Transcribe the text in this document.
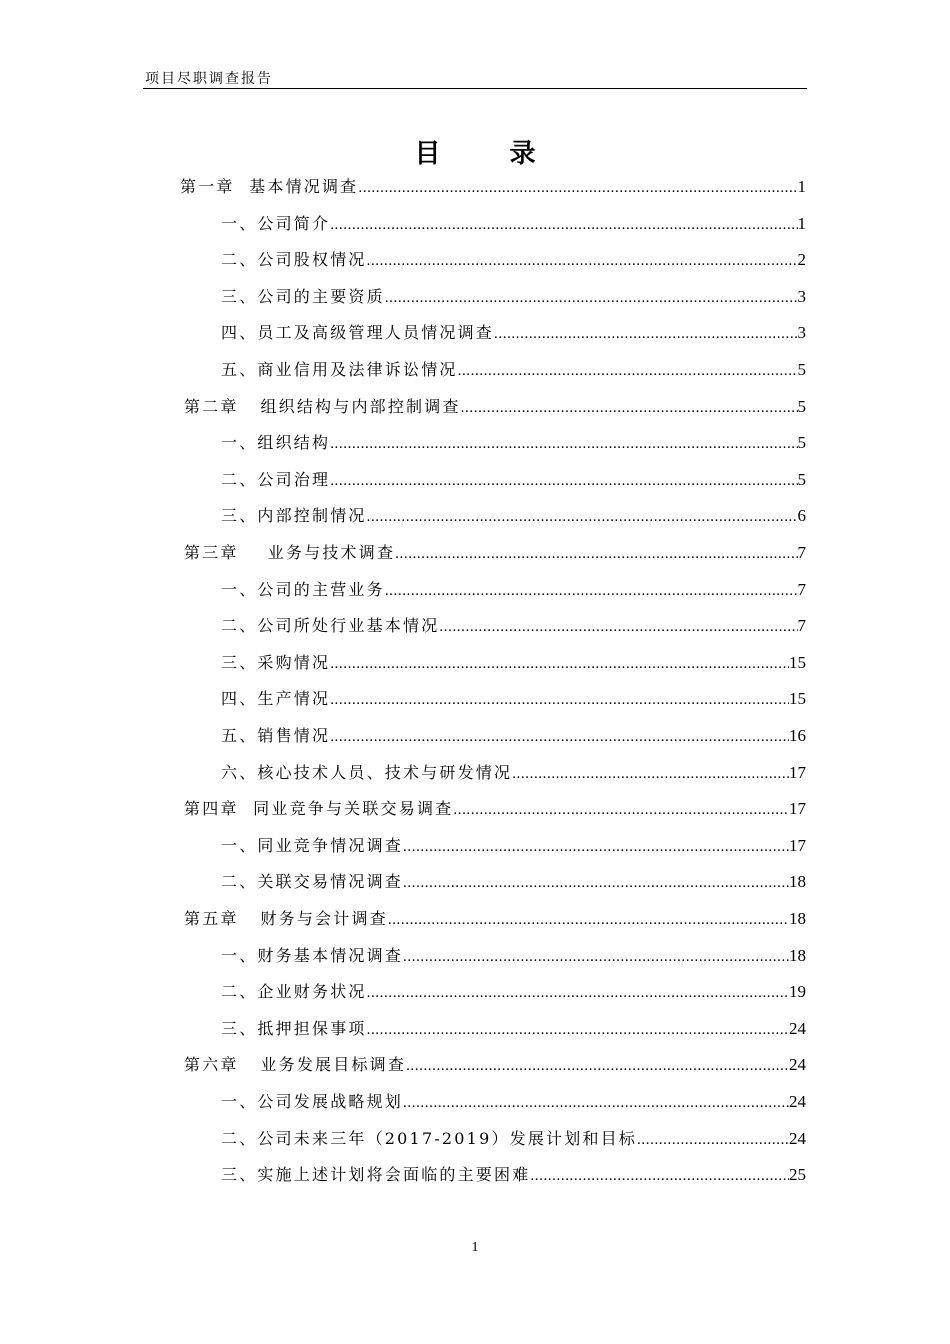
项目尽职调查报告
目 录
第一章  基本情况调查 .....	1
一、公司简介 .....	1
二、公司股权情况 .....	2
三、公司的主要资质 .....	3
四、员工及高级管理人员情况调查 .....	3
五、商业信用及法律诉讼情况 .....	5
第二章   组织结构与内部控制调查 .....	5
一、组织结构 .....	5
二、公司治理 .....	5
三、内部控制情况 .....	6
第三章    业务与技术调查 .....	7
一、公司的主营业务 .....	7
二、公司所处行业基本情况 .....	7
三、采购情况 .....	15
四、生产情况 .....	15
五、销售情况 .....	16
六、核心技术人员、技术与研发情况 .....	17
第四章  同业竞争与关联交易调查 .....	17
一、同业竞争情况调查 .....	17
二、关联交易情况调查 .....	18
第五章   财务与会计调查 .....	18
一、财务基本情况调查 .....	18
二、企业财务状况 .....	19
三、抵押担保事项 .....	24
第六章   业务发展目标调查 .....	24
一、公司发展战略规划 .....	24
二、公司未来三年（2017-2019）发展计划和目标 .....	24
三、实施上述计划将会面临的主要困难 .....	25
1
